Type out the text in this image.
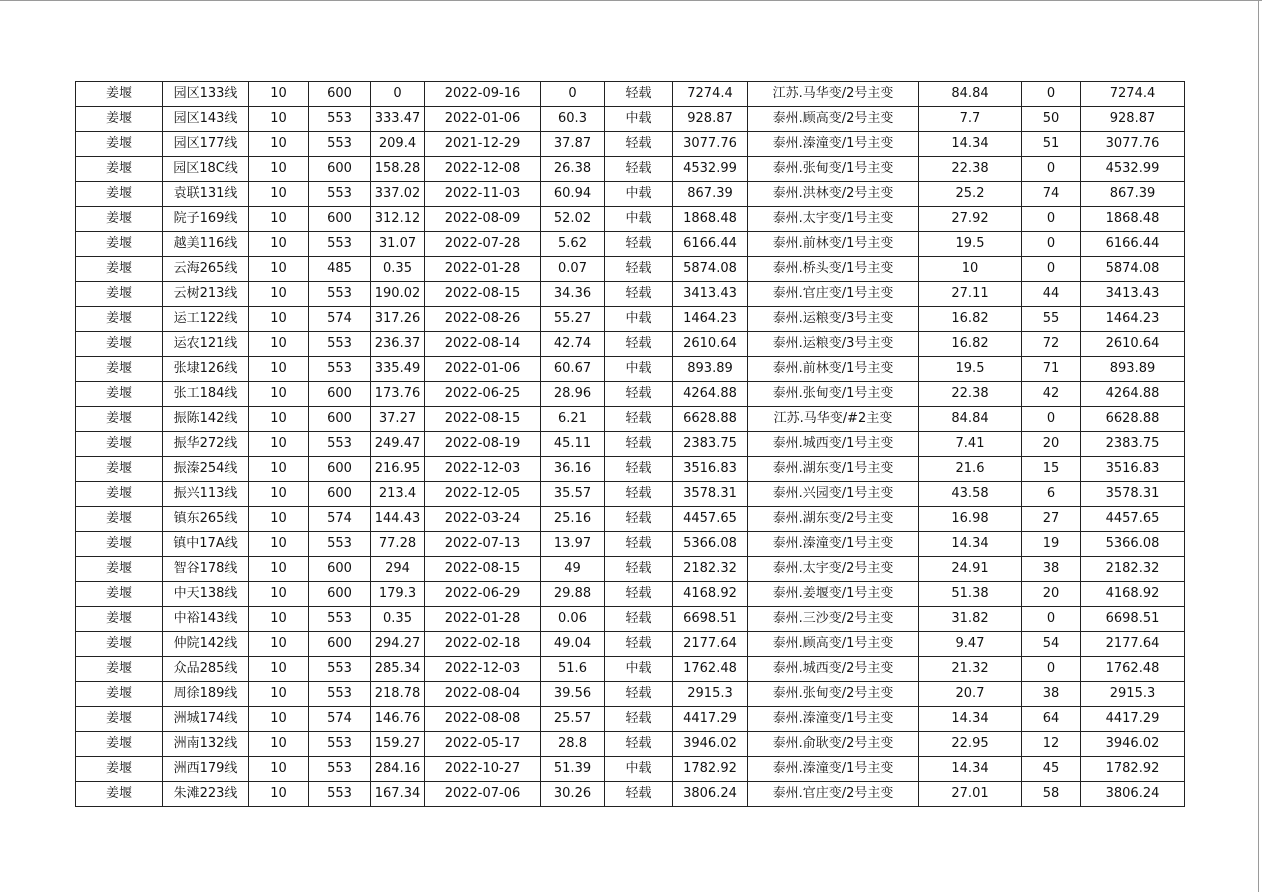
姜堰	园区133线	10	600	0	2022-09-16	0	轻载	7274.4	江苏.马华变/2号主变	84.84	0	7274.4
姜堰	园区143线	10	553	333.47	2022-01-06	60.3	中载	928.87	泰州.顾高变/2号主变	7.7	50	928.87
姜堰	园区177线	10	553	209.4	2021-12-29	37.87	轻载	3077.76	泰州.溱潼变/1号主变	14.34	51	3077.76
姜堰	园区18C线	10	600	158.28	2022-12-08	26.38	轻载	4532.99	泰州.张甸变/1号主变	22.38	0	4532.99
姜堰	袁联131线	10	553	337.02	2022-11-03	60.94	中载	867.39	泰州.洪林变/2号主变	25.2	74	867.39
姜堰	院子169线	10	600	312.12	2022-08-09	52.02	中载	1868.48	泰州.太宇变/1号主变	27.92	0	1868.48
姜堰	越美116线	10	553	31.07	2022-07-28	5.62	轻载	6166.44	泰州.前林变/1号主变	19.5	0	6166.44
姜堰	云海265线	10	485	0.35	2022-01-28	0.07	轻载	5874.08	泰州.桥头变/1号主变	10	0	5874.08
姜堰	云树213线	10	553	190.02	2022-08-15	34.36	轻载	3413.43	泰州.官庄变/1号主变	27.11	44	3413.43
姜堰	运工122线	10	574	317.26	2022-08-26	55.27	中载	1464.23	泰州.运粮变/3号主变	16.82	55	1464.23
姜堰	运农121线	10	553	236.37	2022-08-14	42.74	轻载	2610.64	泰州.运粮变/3号主变	16.82	72	2610.64
姜堰	张埭126线	10	553	335.49	2022-01-06	60.67	中载	893.89	泰州.前林变/1号主变	19.5	71	893.89
姜堰	张工184线	10	600	173.76	2022-06-25	28.96	轻载	4264.88	泰州.张甸变/1号主变	22.38	42	4264.88
姜堰	振陈142线	10	600	37.27	2022-08-15	6.21	轻载	6628.88	江苏.马华变/#2主变	84.84	0	6628.88
姜堰	振华272线	10	553	249.47	2022-08-19	45.11	轻载	2383.75	泰州.城西变/1号主变	7.41	20	2383.75
姜堰	振溱254线	10	600	216.95	2022-12-03	36.16	轻载	3516.83	泰州.湖东变/1号主变	21.6	15	3516.83
姜堰	振兴113线	10	600	213.4	2022-12-05	35.57	轻载	3578.31	泰州.兴园变/1号主变	43.58	6	3578.31
姜堰	镇东265线	10	574	144.43	2022-03-24	25.16	轻载	4457.65	泰州.湖东变/2号主变	16.98	27	4457.65
姜堰	镇中17A线	10	553	77.28	2022-07-13	13.97	轻载	5366.08	泰州.溱潼变/1号主变	14.34	19	5366.08
姜堰	智谷178线	10	600	294	2022-08-15	49	轻载	2182.32	泰州.太宇变/2号主变	24.91	38	2182.32
姜堰	中天138线	10	600	179.3	2022-06-29	29.88	轻载	4168.92	泰州.姜堰变/1号主变	51.38	20	4168.92
姜堰	中裕143线	10	553	0.35	2022-01-28	0.06	轻载	6698.51	泰州.三沙变/2号主变	31.82	0	6698.51
姜堰	仲院142线	10	600	294.27	2022-02-18	49.04	轻载	2177.64	泰州.顾高变/1号主变	9.47	54	2177.64
姜堰	众品285线	10	553	285.34	2022-12-03	51.6	中载	1762.48	泰州.城西变/2号主变	21.32	0	1762.48
姜堰	周徐189线	10	553	218.78	2022-08-04	39.56	轻载	2915.3	泰州.张甸变/2号主变	20.7	38	2915.3
姜堰	洲城174线	10	574	146.76	2022-08-08	25.57	轻载	4417.29	泰州.溱潼变/1号主变	14.34	64	4417.29
姜堰	洲南132线	10	553	159.27	2022-05-17	28.8	轻载	3946.02	泰州.俞耿变/2号主变	22.95	12	3946.02
姜堰	洲西179线	10	553	284.16	2022-10-27	51.39	中载	1782.92	泰州.溱潼变/1号主变	14.34	45	1782.92
姜堰	朱滩223线	10	553	167.34	2022-07-06	30.26	轻载	3806.24	泰州.官庄变/2号主变	27.01	58	3806.24
